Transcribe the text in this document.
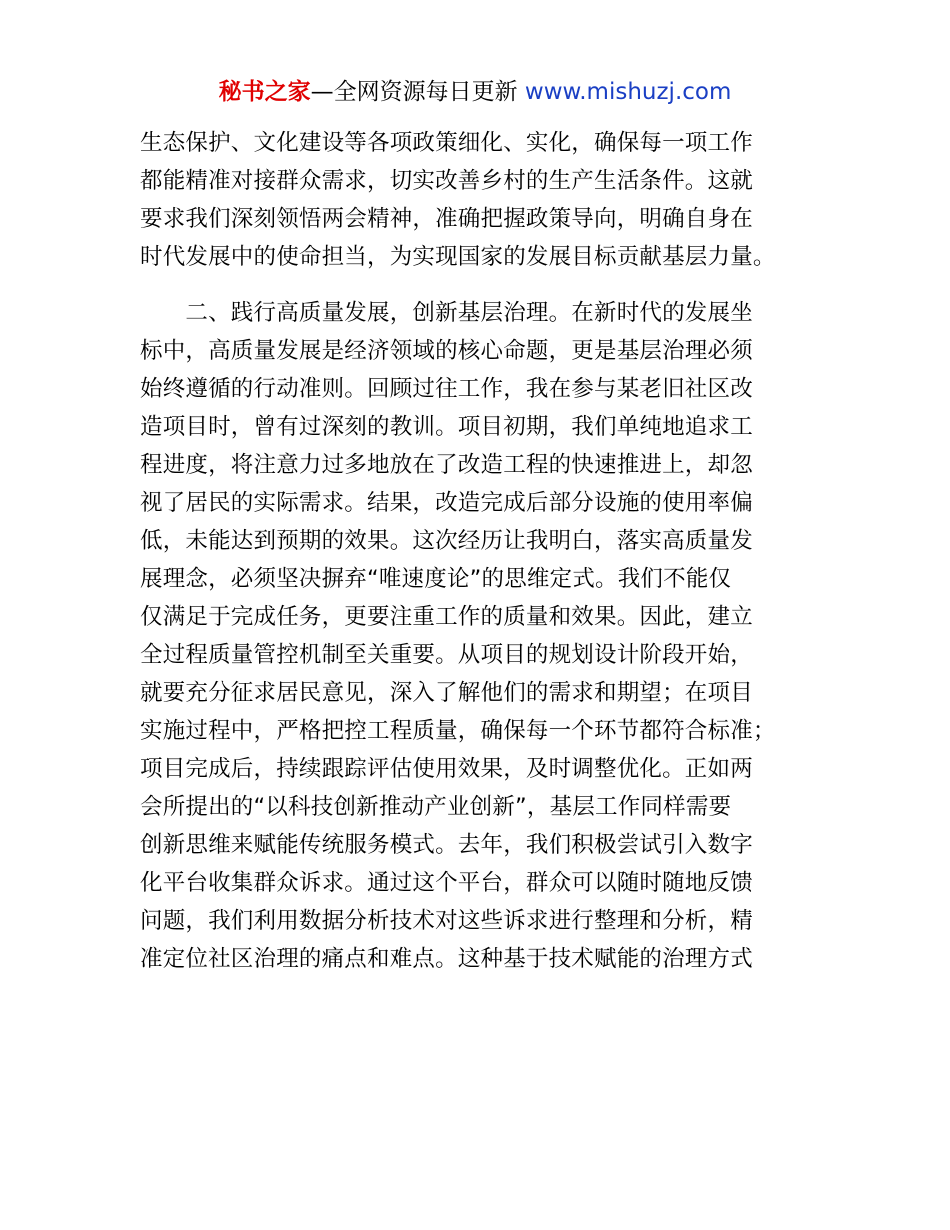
秘书之家—全网资源每日更新 www.mishuzj.com
生态保护、文化建设等各项政策细化、实化，确保每一项工作
都能精准对接群众需求，切实改善乡村的生产生活条件。这就
要求我们深刻领悟两会精神，准确把握政策导向，明确自身在
时代发展中的使命担当，为实现国家的发展目标贡献基层力量。
　　二、践行高质量发展，创新基层治理。在新时代的发展坐
标中，高质量发展是经济领域的核心命题，更是基层治理必须
始终遵循的行动准则。回顾过往工作，我在参与某老旧社区改
造项目时，曾有过深刻的教训。项目初期，我们单纯地追求工
程进度，将注意力过多地放在了改造工程的快速推进上，却忽
视了居民的实际需求。结果，改造完成后部分设施的使用率偏
低，未能达到预期的效果。这次经历让我明白，落实高质量发
展理念，必须坚决摒弃“唯速度论”的思维定式。我们不能仅
仅满足于完成任务，更要注重工作的质量和效果。因此，建立
全过程质量管控机制至关重要。从项目的规划设计阶段开始，
就要充分征求居民意见，深入了解他们的需求和期望；在项目
实施过程中，严格把控工程质量，确保每一个环节都符合标准；
项目完成后，持续跟踪评估使用效果，及时调整优化。正如两
会所提出的“以科技创新推动产业创新”，基层工作同样需要
创新思维来赋能传统服务模式。去年，我们积极尝试引入数字
化平台收集群众诉求。通过这个平台，群众可以随时随地反馈
问题，我们利用数据分析技术对这些诉求进行整理和分析，精
准定位社区治理的痛点和难点。这种基于技术赋能的治理方式
